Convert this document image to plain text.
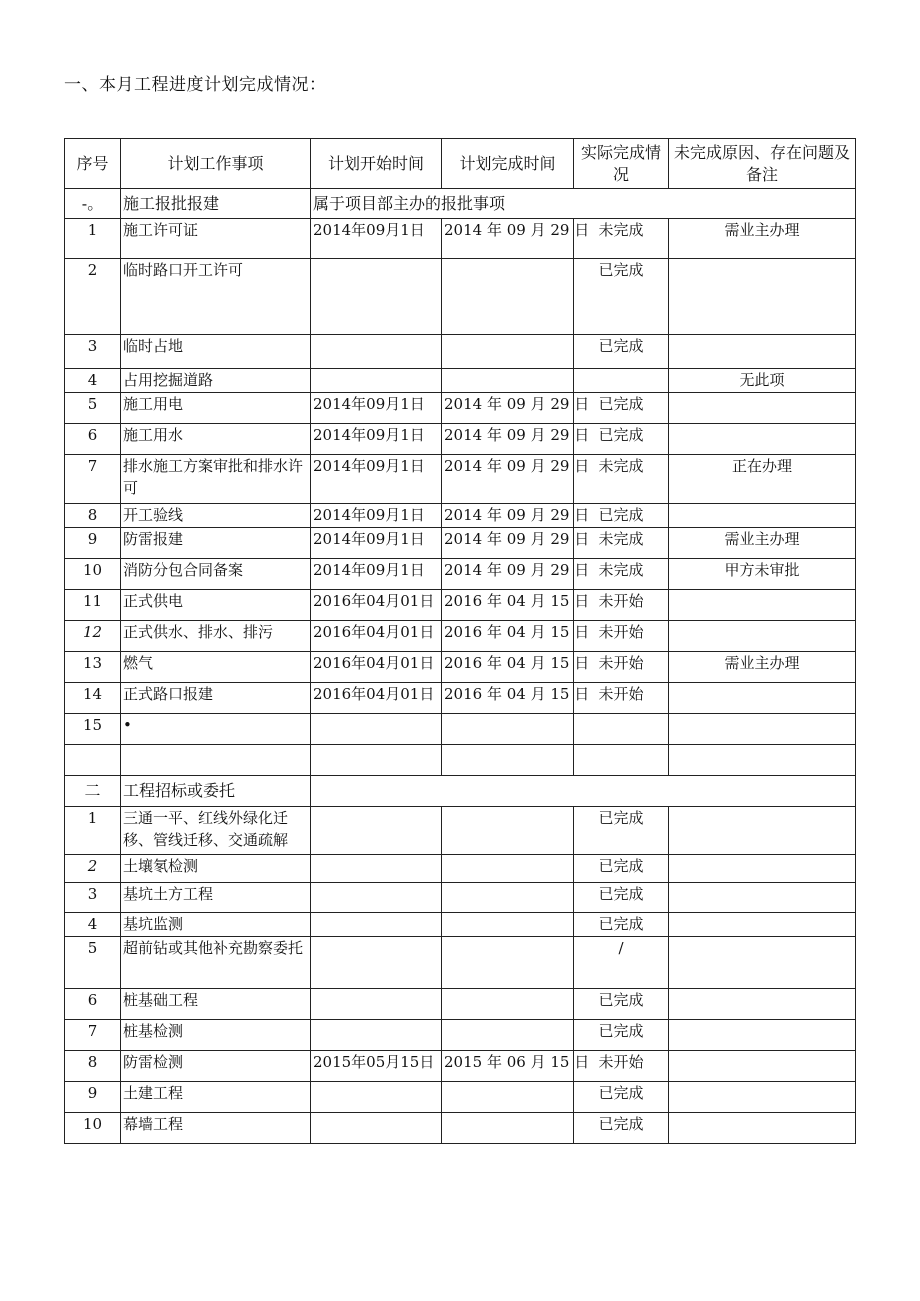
一、本月工程进度计划完成情况：
序号	计划工作事项	计划开始时间	计划完成时间	实际完成情况	未完成原因、存在问题及备注
-。	施工报批报建	属于项目部主办的报批事项			
1	施工许可证	2014年09月1日	2014 年 09 月 29 日	未完成	需业主办理
2	临时路口开工许可			已完成	
3	临时占地			已完成	
4	占用挖掘道路				无此项
5	施工用电	2014年09月1日	2014 年 09 月 29 日	已完成	
6	施工用水	2014年09月1日	2014 年 09 月 29 日	已完成	
7	排水施工方案审批和排水许可	2014年09月1日	2014 年 09 月 29 日	未完成	正在办理
8	开工验线	2014年09月1日	2014 年 09 月 29 日	已完成	
9	防雷报建	2014年09月1日	2014 年 09 月 29 日	未完成	需业主办理
10	消防分包合同备案	2014年09月1日	2014 年 09 月 29 日	未完成	甲方未审批
11	正式供电	2016年04月01日	2016 年 04 月 15 日	未开始	
12	正式供水、排水、排污	2016年04月01日	2016 年 04 月 15 日	未开始	
13	燃气	2016年04月01日	2016 年 04 月 15 日	未开始	需业主办理
14	正式路口报建	2016年04月01日	2016 年 04 月 15 日	未开始	
15	•				

二	工程招标或委托				
1	三通一平、红线外绿化迁移、管线迁移、交通疏解			已完成	
2	土壤氡检测			已完成	
3	基坑土方工程			已完成	
4	基坑监测			已完成	
5	超前钻或其他补充勘察委托			/	
6	桩基础工程			已完成	
7	桩基检测			已完成	
8	防雷检测	2015年05月15日	2015 年 06 月 15 日	未开始	
9	土建工程			已完成	
10	幕墙工程			已完成	
